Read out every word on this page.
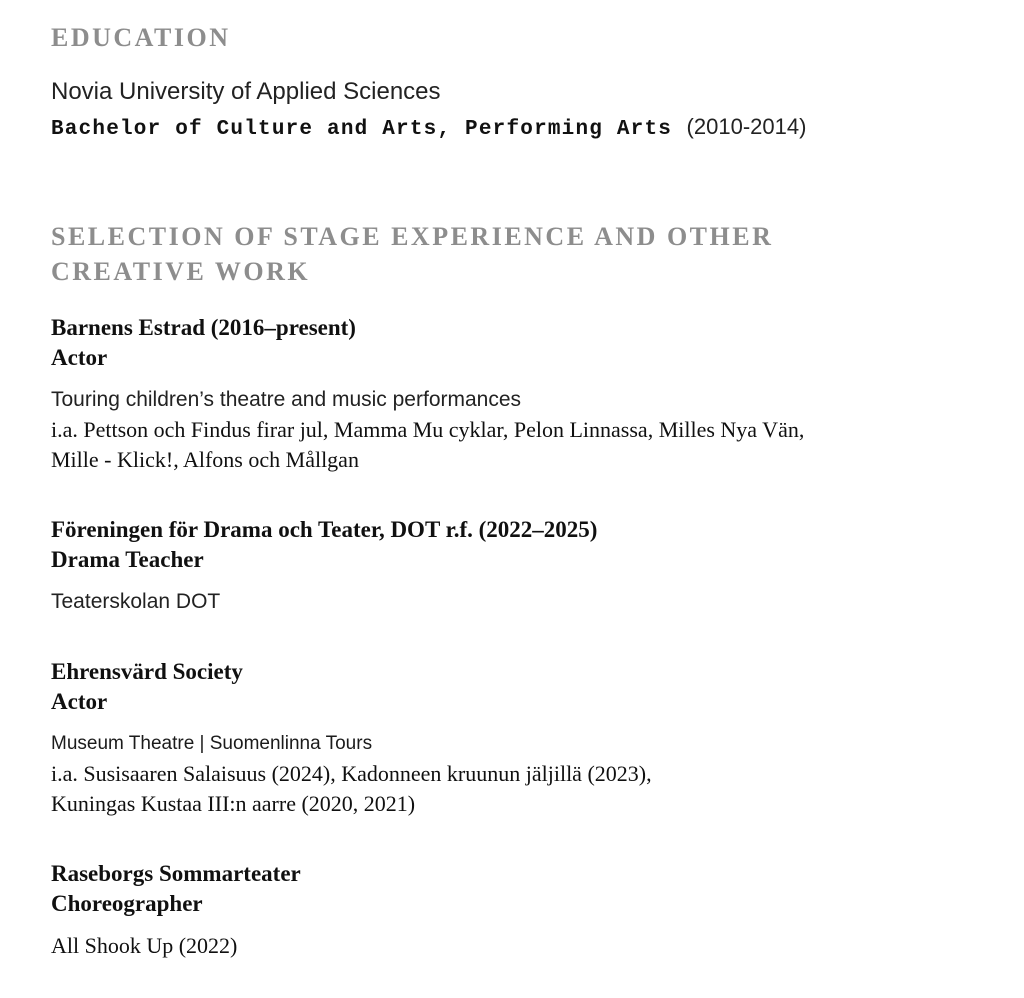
EDUCATION
Novia University of Applied Sciences
Bachelor of Culture and Arts, Performing Arts (2010-2014)
SELECTION OF STAGE EXPERIENCE AND OTHER CREATIVE WORK
Barnens Estrad (2016–present)
Actor
Touring children’s theatre and music performances
i.a. Pettson och Findus firar jul, Mamma Mu cyklar, Pelon Linnassa, Milles Nya Vän,
Mille - Klick!, Alfons och Mållgan
Föreningen för Drama och Teater, DOT r.f. (2022–2025)
Drama Teacher
Teaterskolan DOT
Ehrensvärd Society
Actor
Museum Theatre | Suomenlinna Tours
i.a. Susisaaren Salaisuus (2024), Kadonneen kruunun jäljillä (2023),
Kuningas Kustaa III:n aarre (2020, 2021)
Raseborgs Sommarteater
Choreographer
All Shook Up (2022)
